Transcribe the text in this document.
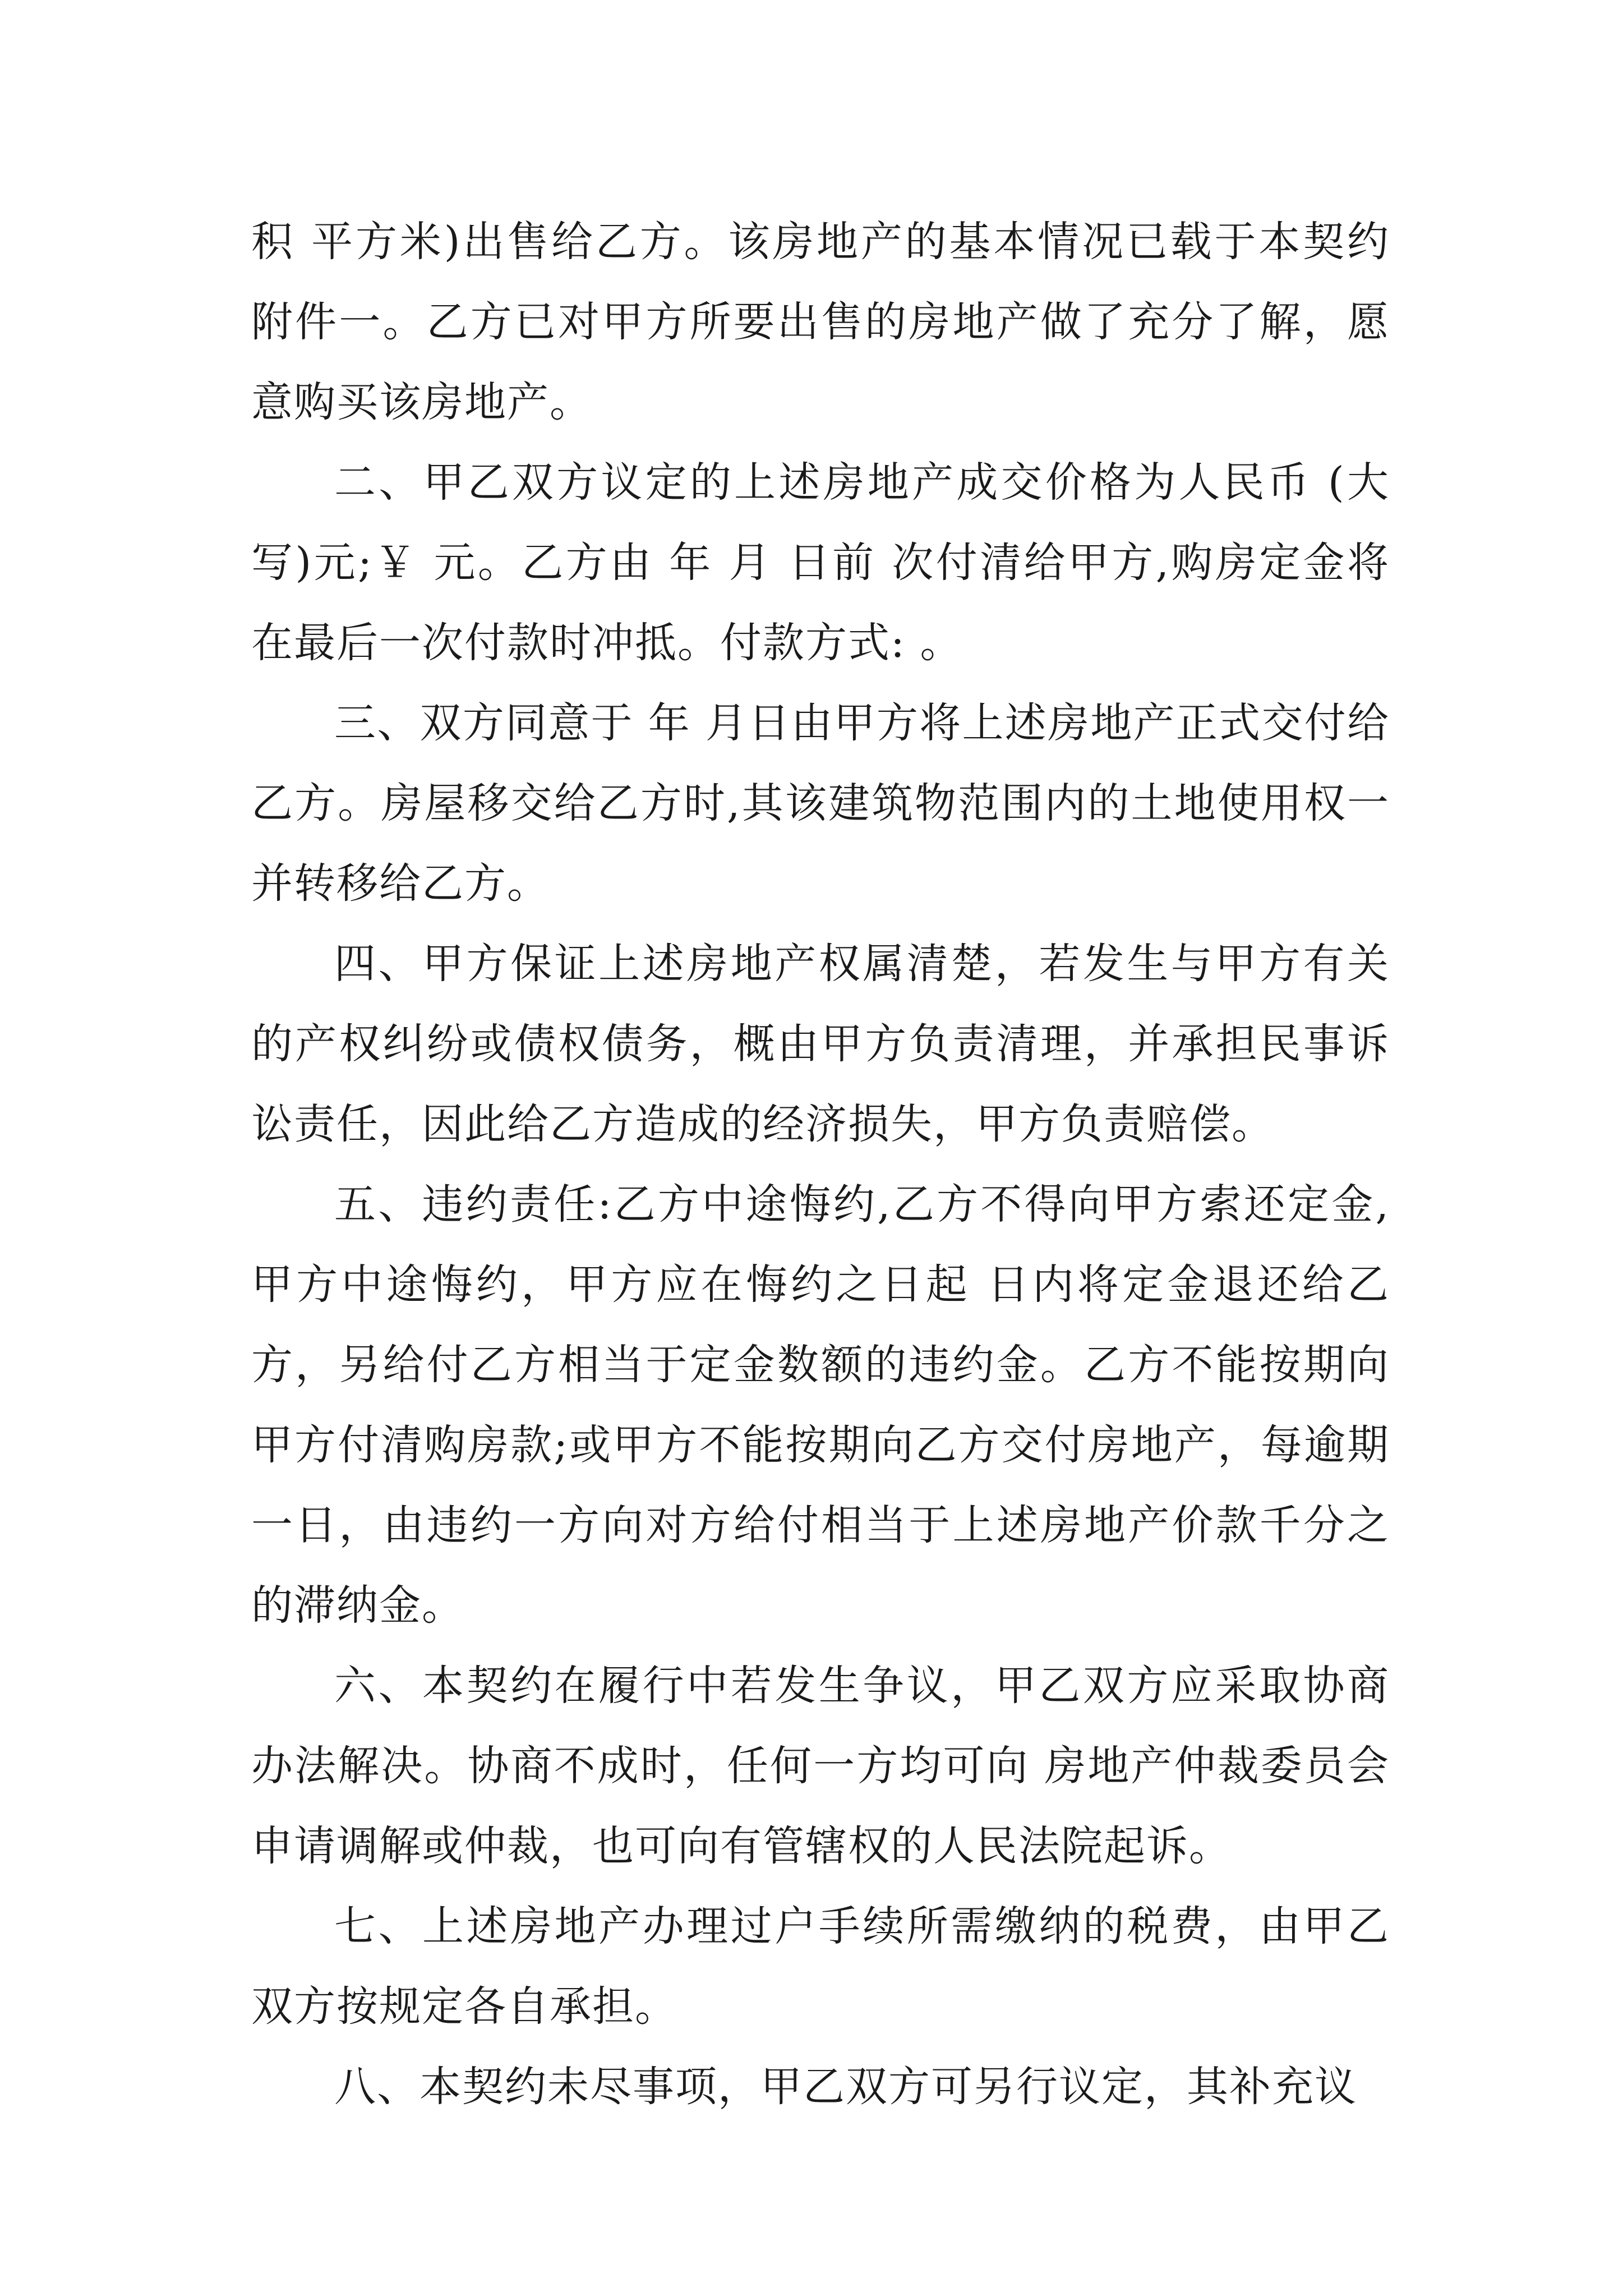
积 平方米)出售给乙方。该房地产的基本情况已载于本契约附件一。乙方已对甲方所要出售的房地产做了充分了解，愿意购买该房地产。

二、甲乙双方议定的上述房地产成交价格为人民币 (大写)元;￥ 元。乙方由 年 月 日前 次付清给甲方,购房定金将在最后一次付款时冲抵。付款方式: 。

三、双方同意于 年 月日由甲方将上述房地产正式交付给乙方。房屋移交给乙方时,其该建筑物范围内的土地使用权一并转移给乙方。

四、甲方保证上述房地产权属清楚，若发生与甲方有关的产权纠纷或债权债务，概由甲方负责清理，并承担民事诉讼责任，因此给乙方造成的经济损失，甲方负责赔偿。

五、违约责任:乙方中途悔约,乙方不得向甲方索还定金,甲方中途悔约，甲方应在悔约之日起 日内将定金退还给乙方，另给付乙方相当于定金数额的违约金。乙方不能按期向甲方付清购房款;或甲方不能按期向乙方交付房地产，每逾期一日，由违约一方向对方给付相当于上述房地产价款千分之的滞纳金。

六、本契约在履行中若发生争议，甲乙双方应采取协商办法解决。协商不成时，任何一方均可向 房地产仲裁委员会申请调解或仲裁，也可向有管辖权的人民法院起诉。

七、上述房地产办理过户手续所需缴纳的税费，由甲乙双方按规定各自承担。

八、本契约未尽事项，甲乙双方可另行议定，其补充议
